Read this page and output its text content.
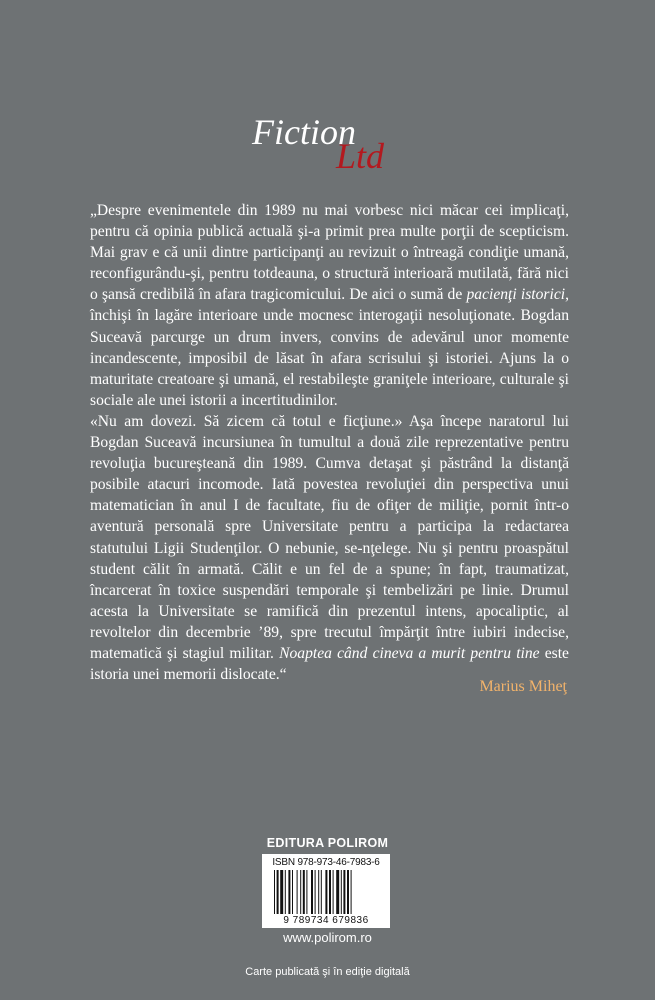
Fiction
Ltd

„Despre evenimentele din 1989 nu mai vorbesc nici măcar cei implicaţi, pentru că opinia publică actuală şi-a primit prea multe porţii de scepticism. Mai grav e că unii dintre participanţi au revizuit o întreagă condiţie umană, reconfigurându-şi, pentru totdeauna, o structură interioară mutilată, fără nici o şansă credibilă în afara tragicomicului. De aici o sumă de pacienţi istorici, închişi în lagăre interioare unde mocnesc interogaţii nesoluţionate. Bogdan Suceavă parcurge un drum invers, convins de adevărul unor momente incandescente, imposibil de lăsat în afara scrisului şi istoriei. Ajuns la o maturitate creatoare şi umană, el restabileşte graniţele interioare, culturale şi sociale ale unei istorii a incertitudinilor.

«Nu am dovezi. Să zicem că totul e ficţiune.» Aşa începe naratorul lui Bogdan Suceavă incursiunea în tumultul a două zile reprezentative pentru revoluţia bucureşteană din 1989. Cumva detaşat şi păstrând la distanţă posibile atacuri incomode. Iată povestea revoluţiei din perspectiva unui matematician în anul I de facultate, fiu de ofiţer de miliţie, pornit într-o aventură personală spre Universitate pentru a participa la redactarea statutului Ligii Studenţilor. O nebunie, se-nţelege. Nu şi pentru proaspătul student călit în armată. Călit e un fel de a spune; în fapt, traumatizat, încarcerat în toxice suspendări temporale şi tembelizări pe linie. Drumul acesta la Universitate se ramifică din prezentul intens, apocaliptic, al revoltelor din decembrie ’89, spre trecutul împărţit între iubiri indecise, matematică şi stagiul militar. Noaptea când cineva a murit pentru tine este istoria unei memorii dislocate.“

Marius Miheţ
EDITURA POLIROM
ISBN 978-973-46-7983-6
9 789734 679836
www.polirom.ro
Carte publicată şi în ediţie digitală
